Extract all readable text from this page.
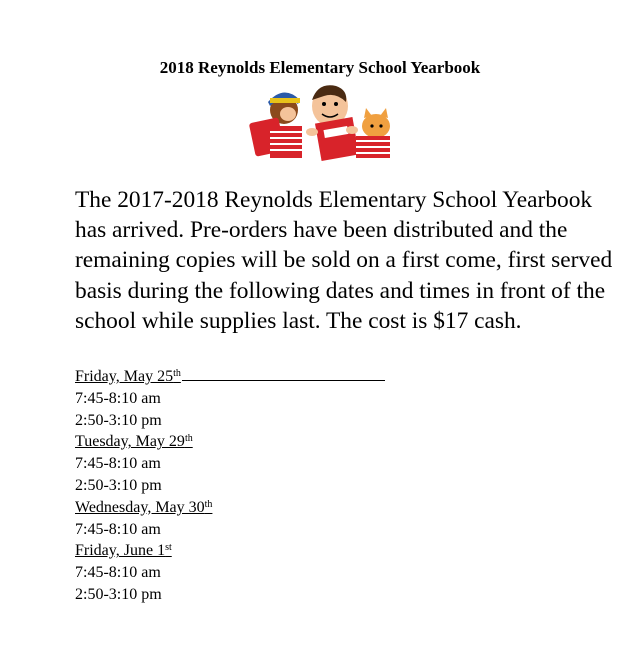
2018 Reynolds Elementary School Yearbook

The 2017-2018 Reynolds Elementary School Yearbook has arrived. Pre-orders have been distributed and the remaining copies will be sold on a first come, first served basis during the following dates and times in front of the school while supplies last. The cost is $17 cash.

Friday, May 25th
7:45-8:10 am
2:50-3:10 pm
Tuesday, May 29th
7:45-8:10 am
2:50-3:10 pm
Wednesday, May 30th
7:45-8:10 am
Friday, June 1st
7:45-8:10 am
2:50-3:10 pm
